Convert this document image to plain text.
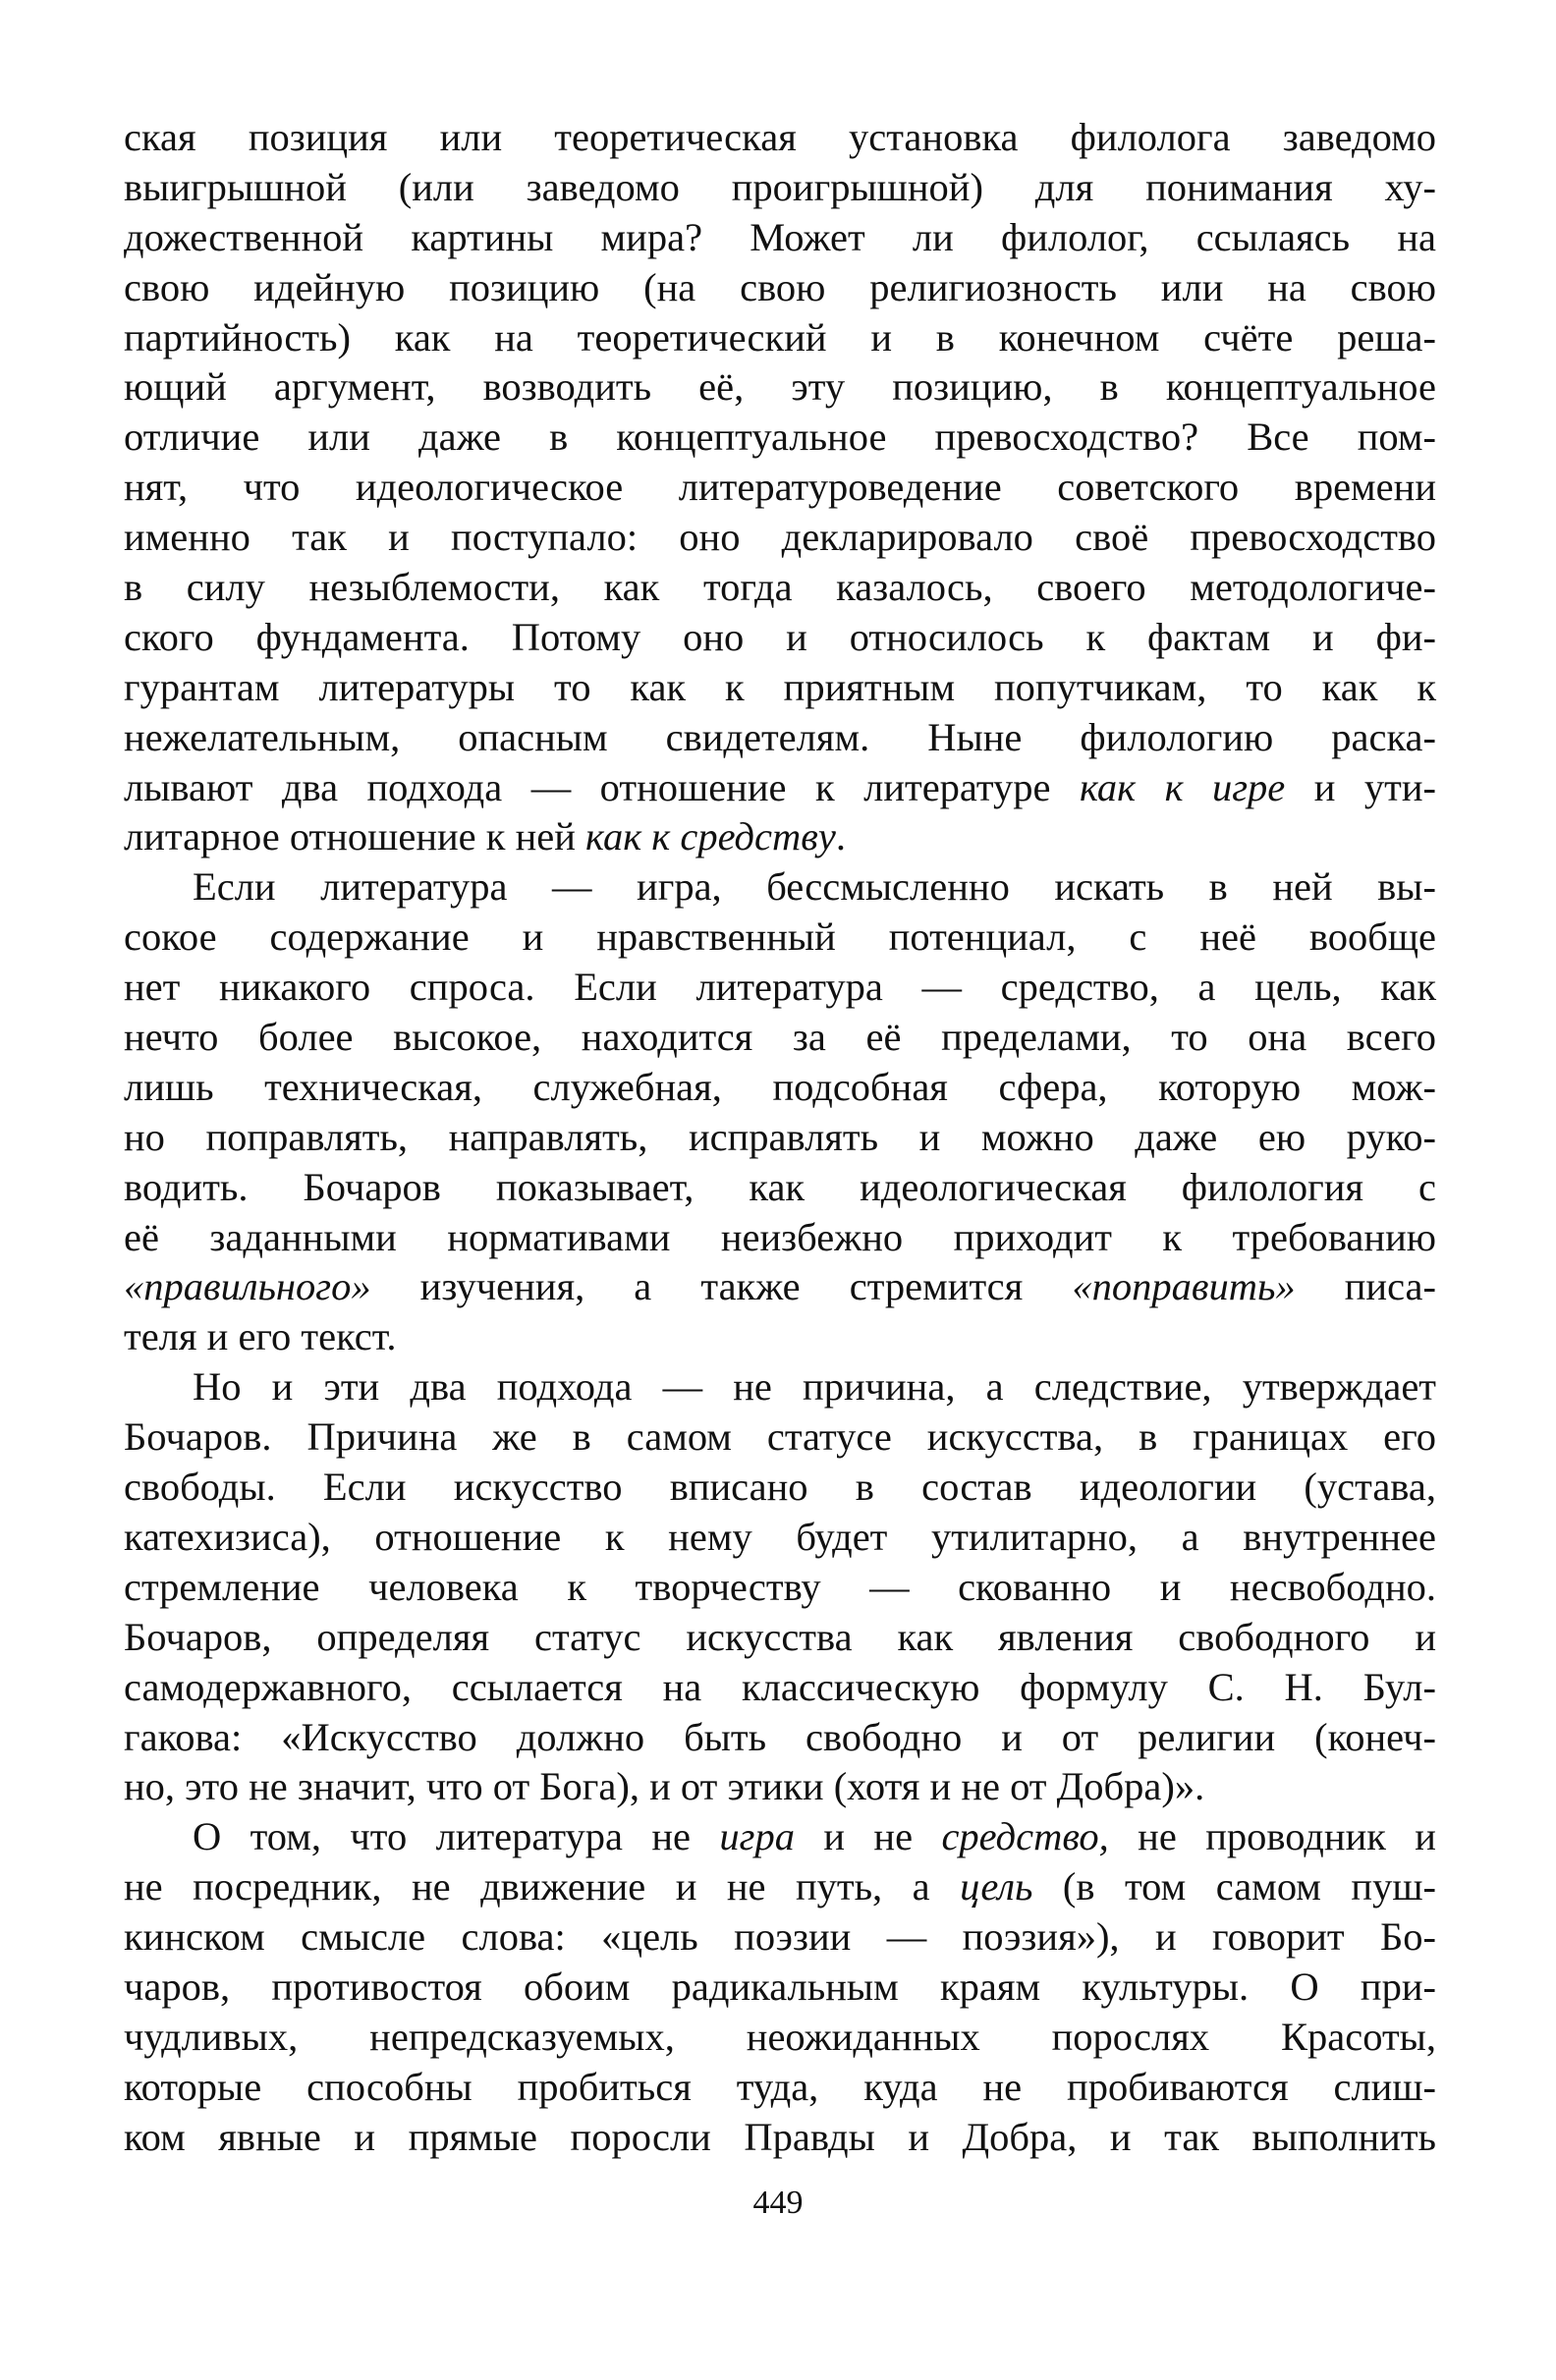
ская позиция или теоретическая установка филолога заведомо
выигрышной (или заведомо проигрышной) для понимания ху-
дожественной картины мира? Может ли филолог, ссылаясь на
свою идейную позицию (на свою религиозность или на свою
партийность) как на теоретический и в конечном счёте реша-
ющий аргумент, возводить её, эту позицию, в концептуальное
отличие или даже в концептуальное превосходство? Все пом-
нят, что идеологическое литературоведение советского времени
именно так и поступало: оно декларировало своё превосходство
в силу незыблемости, как тогда казалось, своего методологиче-
ского фундамента. Потому оно и относилось к фактам и фи-
гурантам литературы то как к приятным попутчикам, то как к
нежелательным, опасным свидетелям. Ныне филологию раска-
лывают два подхода — отношение к литературе как к игре и ути-
литарное отношение к ней как к средству.
Если литература — игра, бессмысленно искать в ней вы-
сокое содержание и нравственный потенциал, с неё вообще
нет никакого спроса. Если литература — средство, а цель, как
нечто более высокое, находится за её пределами, то она всего
лишь техническая, служебная, подсобная сфера, которую мож-
но поправлять, направлять, исправлять и можно даже ею руко-
водить. Бочаров показывает, как идеологическая филология с
её заданными нормативами неизбежно приходит к требованию
«правильного» изучения, а также стремится «поправить» писа-
теля и его текст.
Но и эти два подхода — не причина, а следствие, утверждает
Бочаров. Причина же в самом статусе искусства, в границах его
свободы. Если искусство вписано в состав идеологии (устава,
катехизиса), отношение к нему будет утилитарно, а внутреннее
стремление человека к творчеству — скованно и несвободно.
Бочаров, определяя статус искусства как явления свободного и
самодержавного, ссылается на классическую формулу С. Н. Бул-
гакова: «Искусство должно быть свободно и от религии (конеч-
но, это не значит, что от Бога), и от этики (хотя и не от Добра)».
О том, что литература не игра и не средство, не проводник и
не посредник, не движение и не путь, а цель (в том самом пуш-
кинском смысле слова: «цель поэзии — поэзия»), и говорит Бо-
чаров, противостоя обоим радикальным краям культуры. О при-
чудливых, непредсказуемых, неожиданных порослях Красоты,
которые способны пробиться туда, куда не пробиваются слиш-
ком явные и прямые поросли Правды и Добра, и так выполнить
449
